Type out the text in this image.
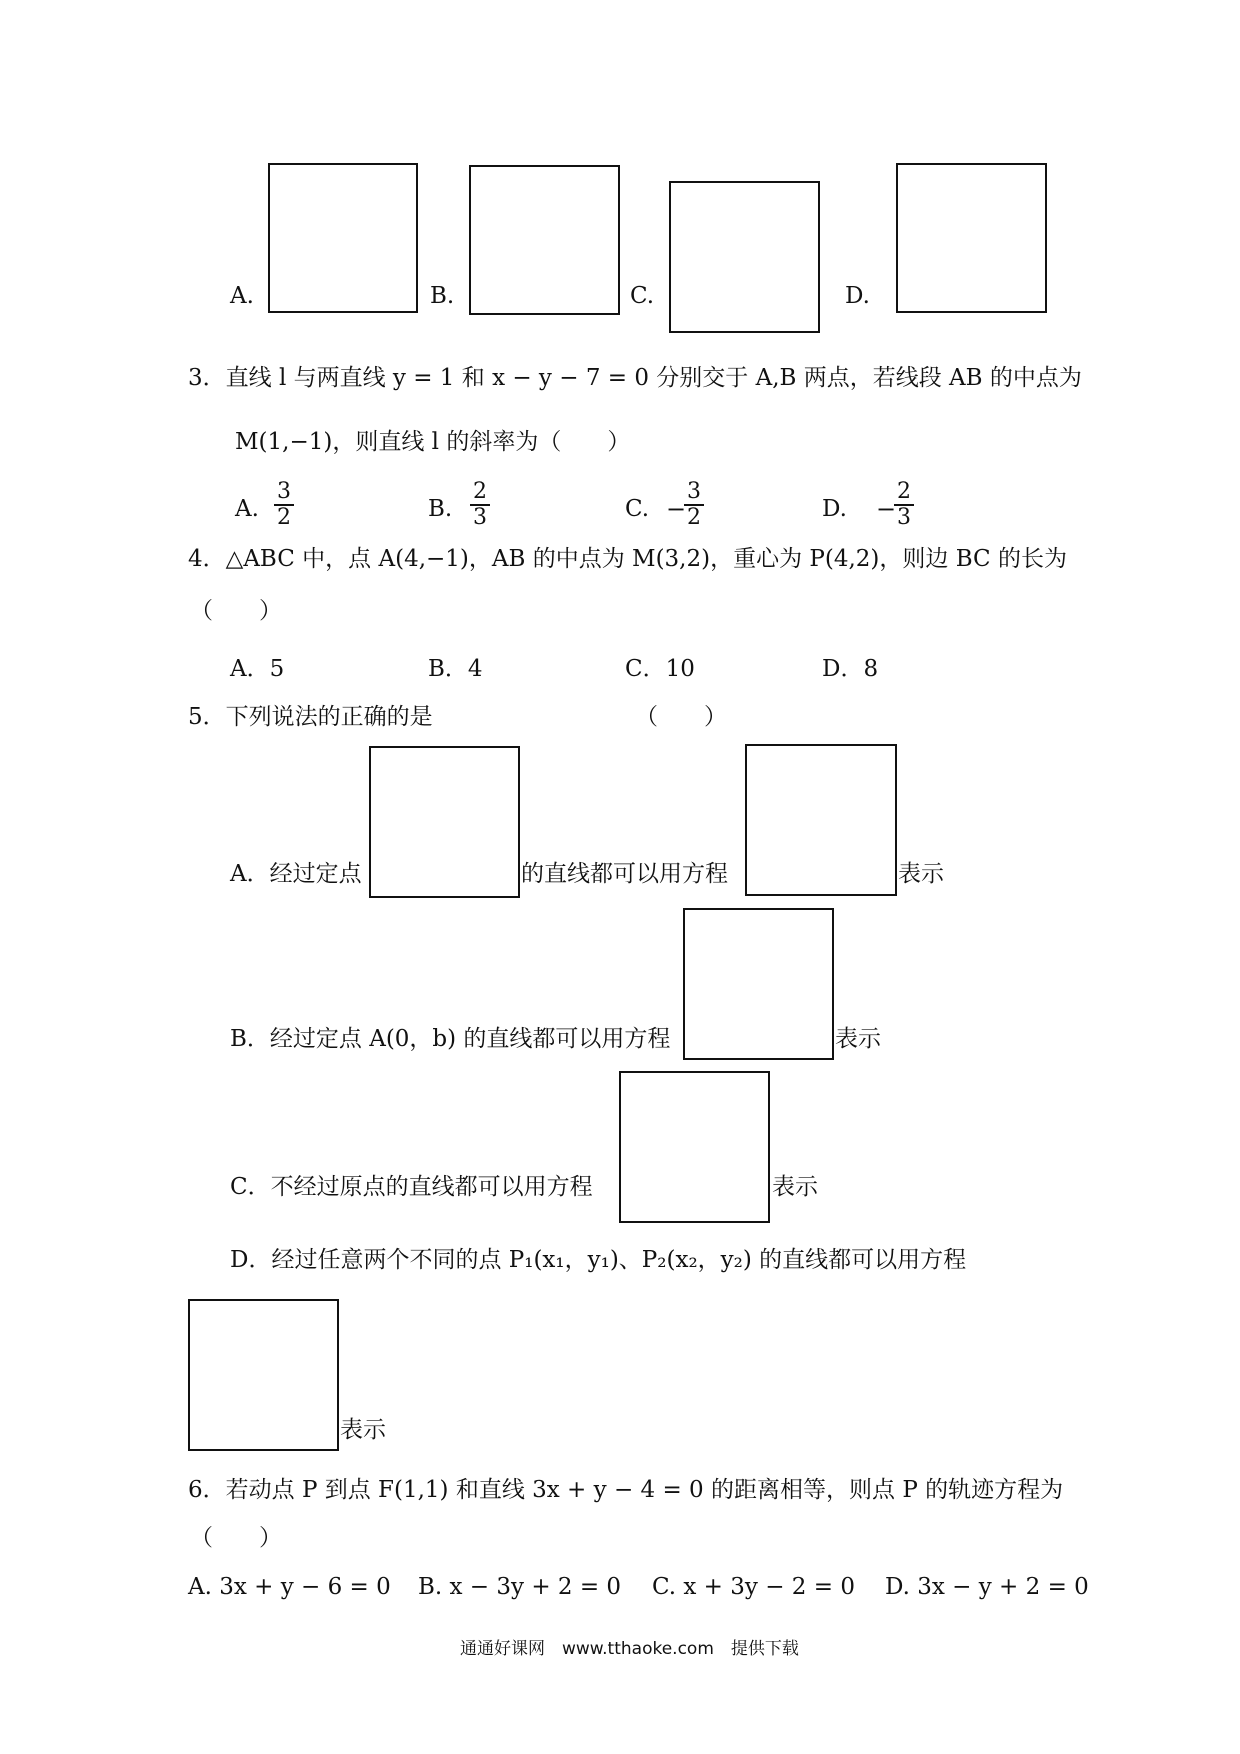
A.	B.	C.	D.
3．直线 l 与两直线 y = 1 和 x − y − 7 = 0 分别交于 A,B 两点，若线段 AB 的中点为
M(1,−1)，则直线 l 的斜率为（　　）
A.
3
2	B.
2
3	C. −
3
2	D. −
2
3
4．△ABC 中，点 A(4,−1)，AB 的中点为 M(3,2)，重心为 P(4,2)，则边 BC 的长为
（　　）
A．5	B．4	C．10	D．8
5．下列说法的正确的是	（　　）
A．经过定点	的直线都可以用方程	表示
B．经过定点 A(0，b) 的直线都可以用方程	表示
C．不经过原点的直线都可以用方程	表示
D．经过任意两个不同的点 P₁(x₁，y₁)、P₂(x₂，y₂) 的直线都可以用方程
表示
6．若动点 P 到点 F(1,1) 和直线 3x + y − 4 = 0 的距离相等，则点 P 的轨迹方程为
（　　）
A. 3x + y − 6 = 0 B. x − 3y + 2 = 0 C. x + 3y − 2 = 0 D. 3x − y + 2 = 0
通通好课网　www.tthaoke.com　提供下载
